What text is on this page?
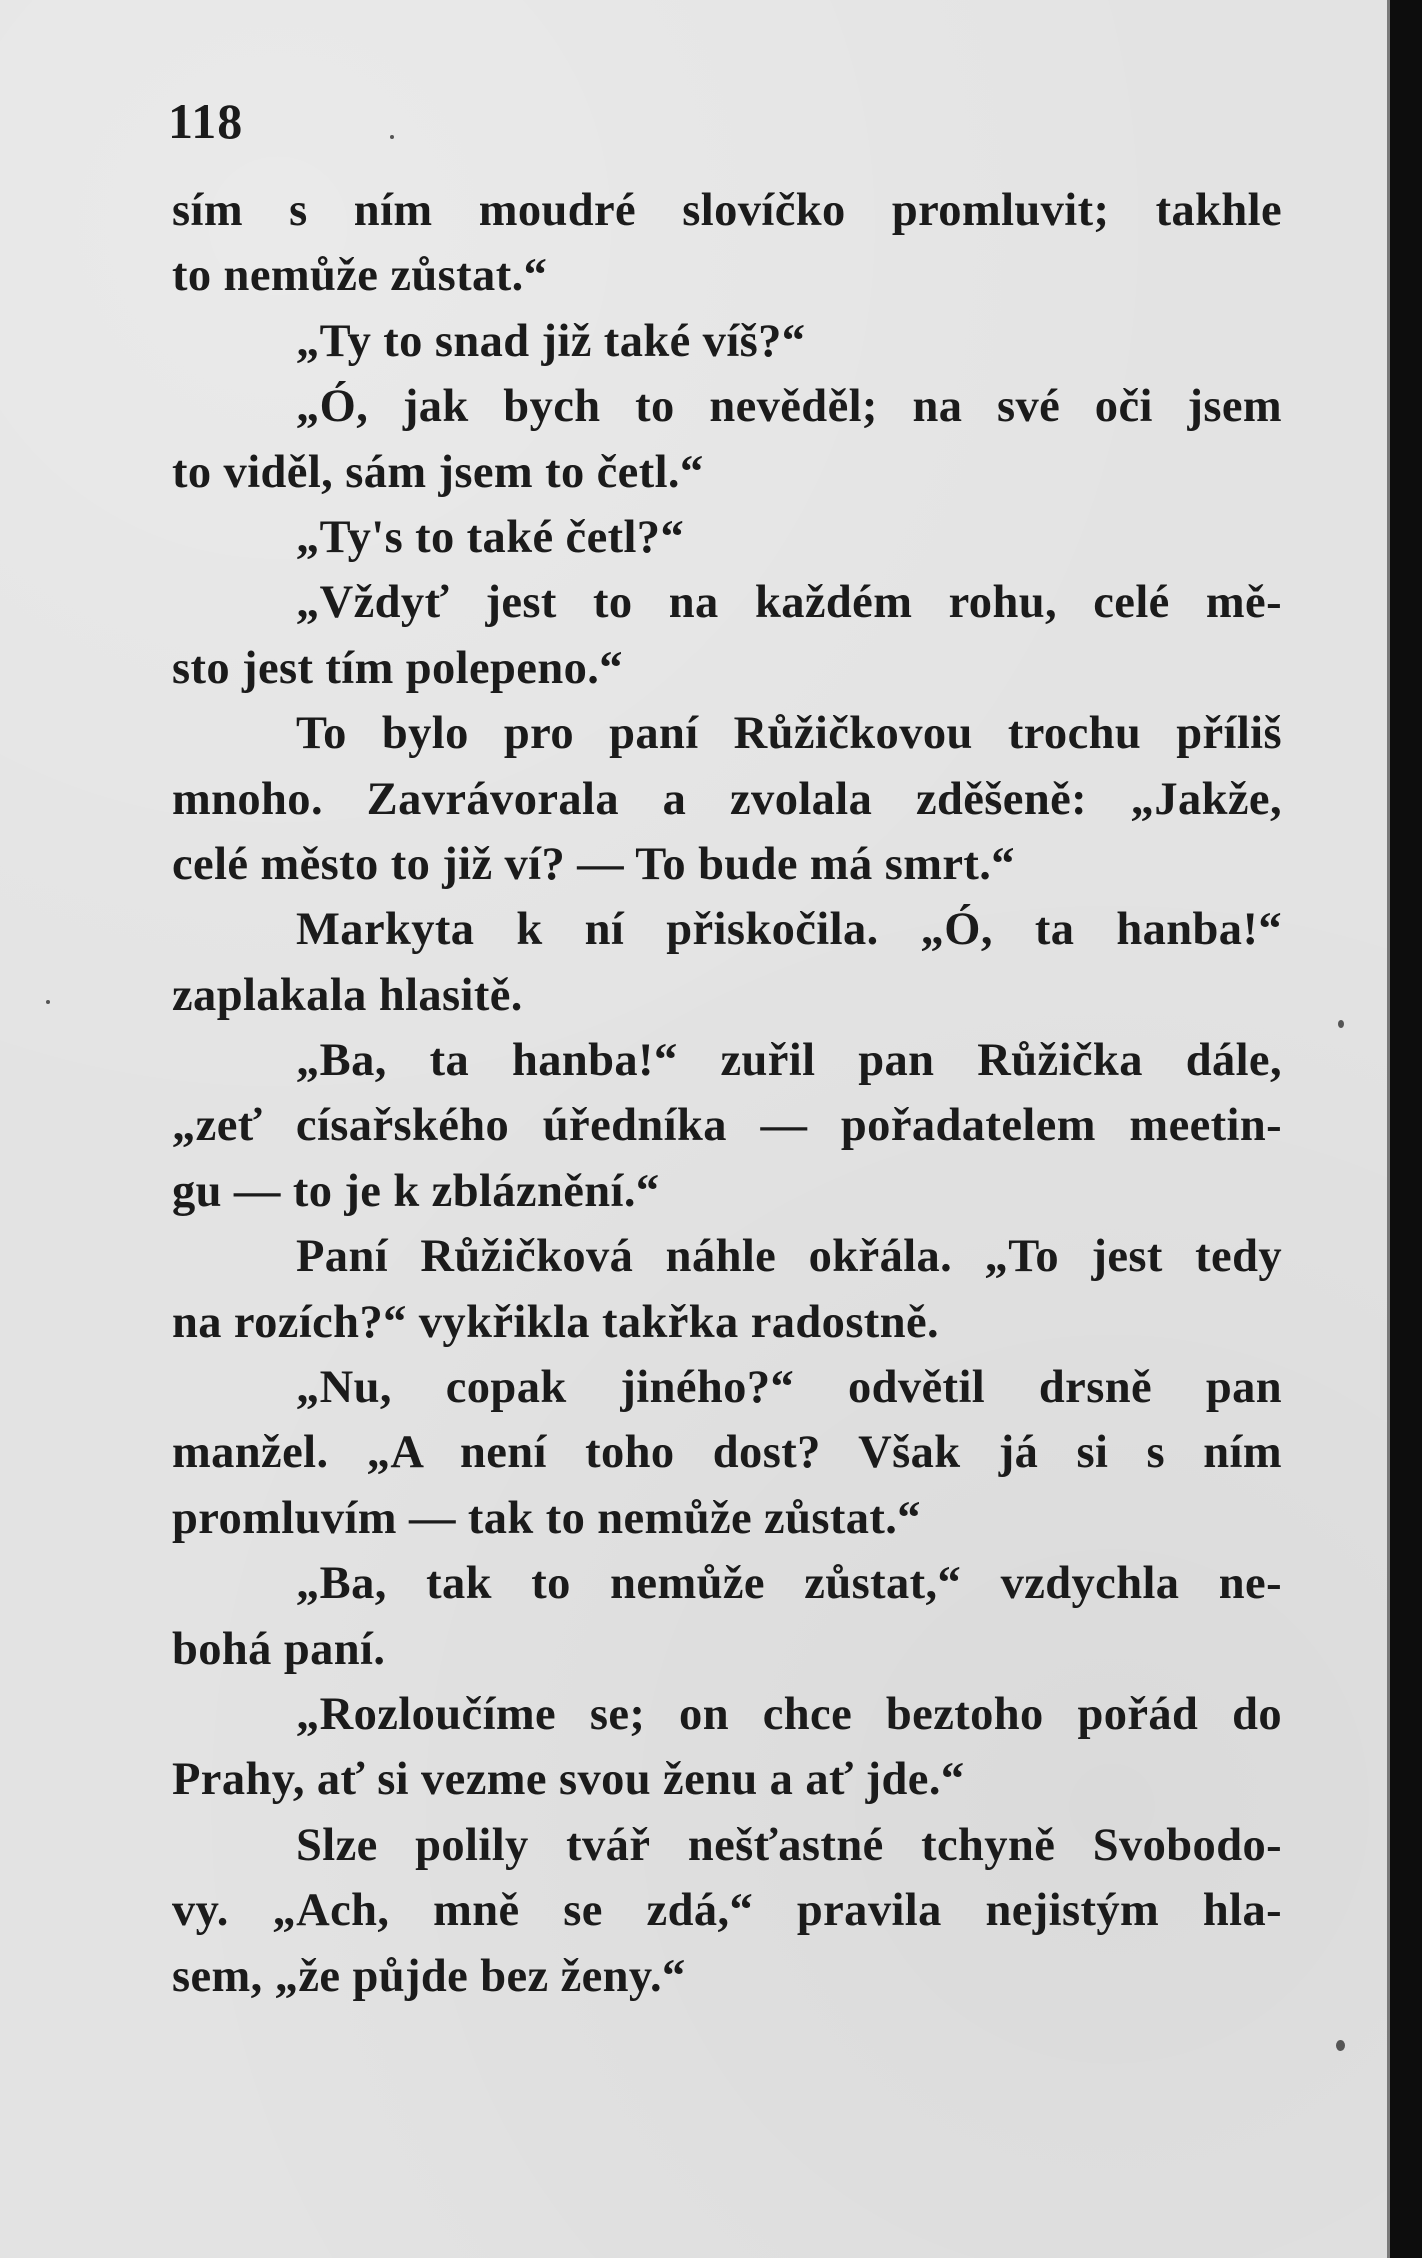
118

sím s ním moudré slovíčko promluvit; takhle

to nemůže zůstat.“

„Ty to snad již také víš?“

„Ó, jak bych to nevěděl; na své oči jsem

to viděl, sám jsem to četl.“

„Ty's to také četl?“

„Vždyť jest to na každém rohu, celé mě-

sto jest tím polepeno.“

To bylo pro paní Růžičkovou trochu příliš

mnoho. Zavrávorala a zvolala zděšeně: „Jakže,

celé město to již ví? — To bude má smrt.“

Markyta k ní přiskočila. „Ó, ta hanba!“

zaplakala hlasitě.

„Ba, ta hanba!“ zuřil pan Růžička dále,

„zeť císařského úředníka — pořadatelem meetin-

gu — to je k zbláznění.“

Paní Růžičková náhle okřála. „To jest tedy

na rozích?“ vykřikla takřka radostně.

„Nu, copak jiného?“ odvětil drsně pan

manžel. „A není toho dost? Však já si s ním

promluvím — tak to nemůže zůstat.“

„Ba, tak to nemůže zůstat,“ vzdychla ne-

bohá paní.

„Rozloučíme se; on chce beztoho pořád do

Prahy, ať si vezme svou ženu a ať jde.“

Slze polily tvář nešťastné tchyně Svobodo-

vy. „Ach, mně se zdá,“ pravila nejistým hla-

sem, „že půjde bez ženy.“
